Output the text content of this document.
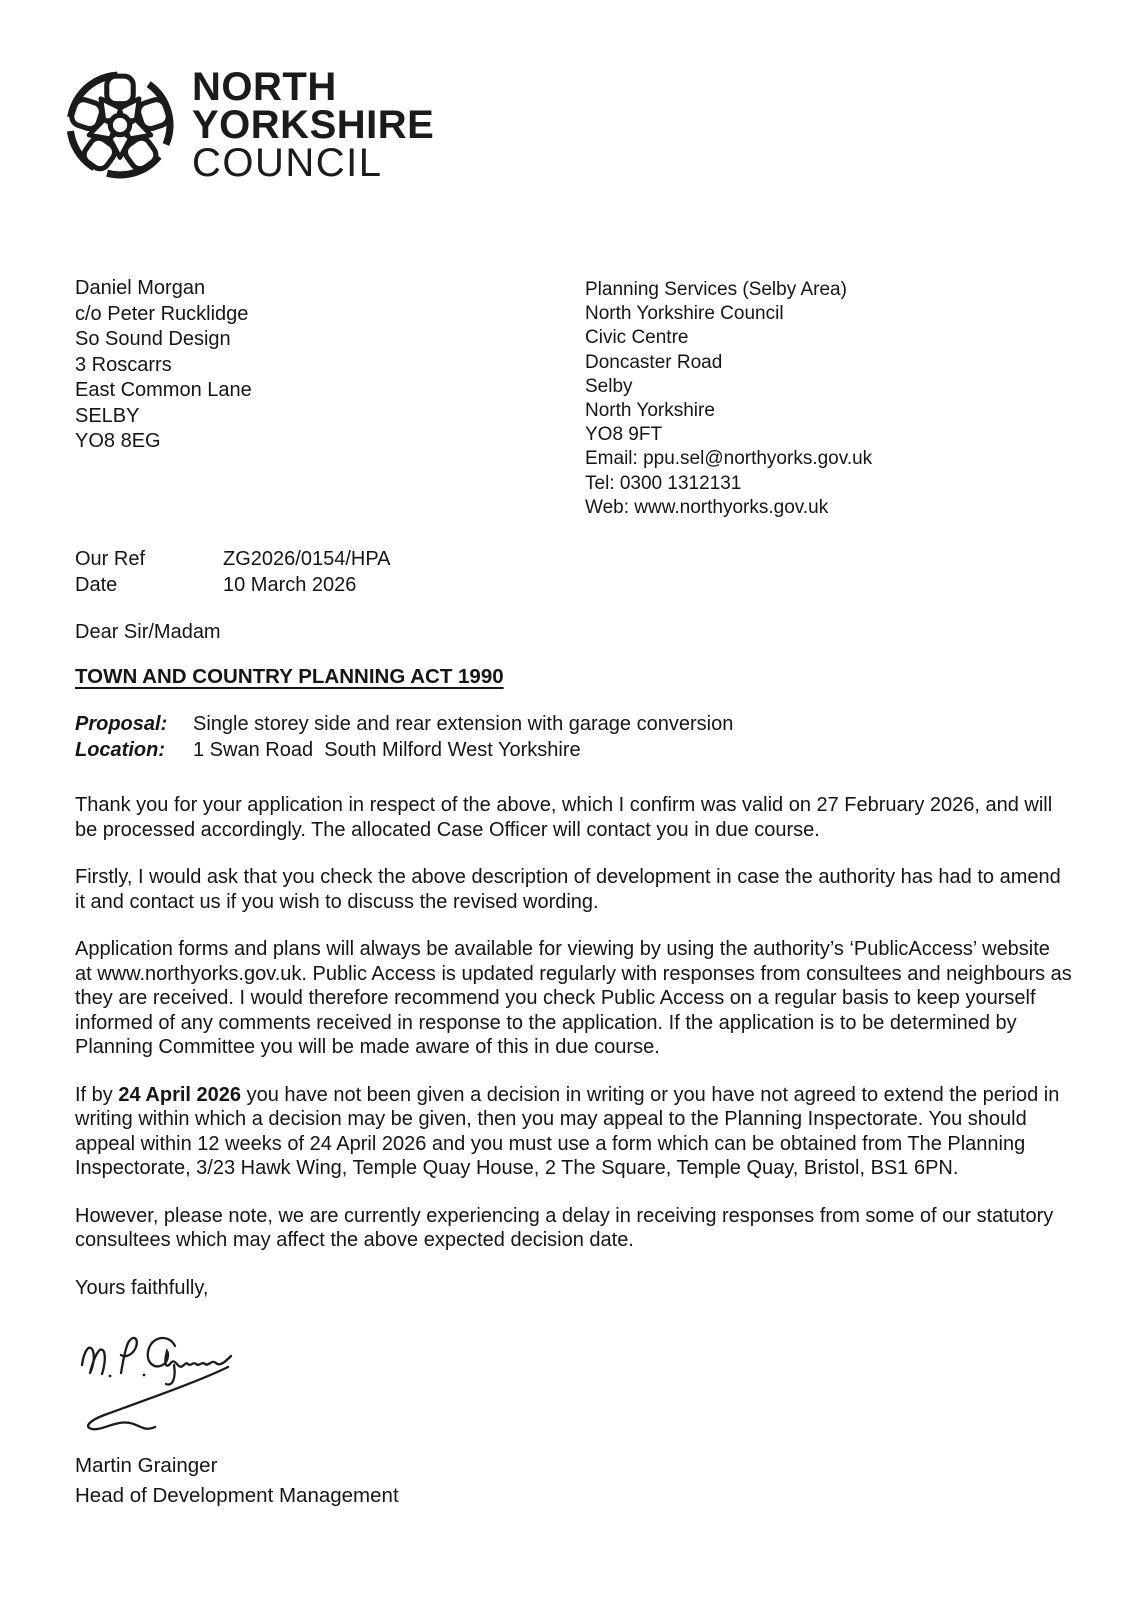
NORTH
YORKSHIRE
COUNCIL
Daniel Morgan
c/o Peter Rucklidge
So Sound Design
3 Roscarrs
East Common Lane
SELBY
YO8 8EG
Planning Services (Selby Area)
North Yorkshire Council
Civic Centre
Doncaster Road
Selby
North Yorkshire
YO8 9FT
Email: ppu.sel@northyorks.gov.uk
Tel: 0300 1312131
Web: www.northyorks.gov.uk
Our Ref	ZG2026/0154/HPA
Date	10 March 2026
Dear Sir/Madam
TOWN AND COUNTRY PLANNING ACT 1990
Proposal:	Single storey side and rear extension with garage conversion
Location:	1 Swan Road  South Milford West Yorkshire

Thank you for your application in respect of the above, which I confirm was valid on 27 February 2026, and will be processed accordingly. The allocated Case Officer will contact you in due course.

Firstly, I would ask that you check the above description of development in case the authority has had to amend it and contact us if you wish to discuss the revised wording.

Application forms and plans will always be available for viewing by using the authority’s ‘PublicAccess’ website at www.northyorks.gov.uk. Public Access is updated regularly with responses from consultees and neighbours as they are received. I would therefore recommend you check Public Access on a regular basis to keep yourself informed of any comments received in response to the application. If the application is to be determined by Planning Committee you will be made aware of this in due course.

If by 24 April 2026 you have not been given a decision in writing or you have not agreed to extend the period in writing within which a decision may be given, then you may appeal to the Planning Inspectorate. You should appeal within 12 weeks of 24 April 2026 and you must use a form which can be obtained from The Planning Inspectorate, 3/23 Hawk Wing, Temple Quay House, 2 The Square, Temple Quay, Bristol, BS1 6PN.

However, please note, we are currently experiencing a delay in receiving responses from some of our statutory consultees which may affect the above expected decision date.

Yours faithfully,

Martin Grainger
Head of Development Management
